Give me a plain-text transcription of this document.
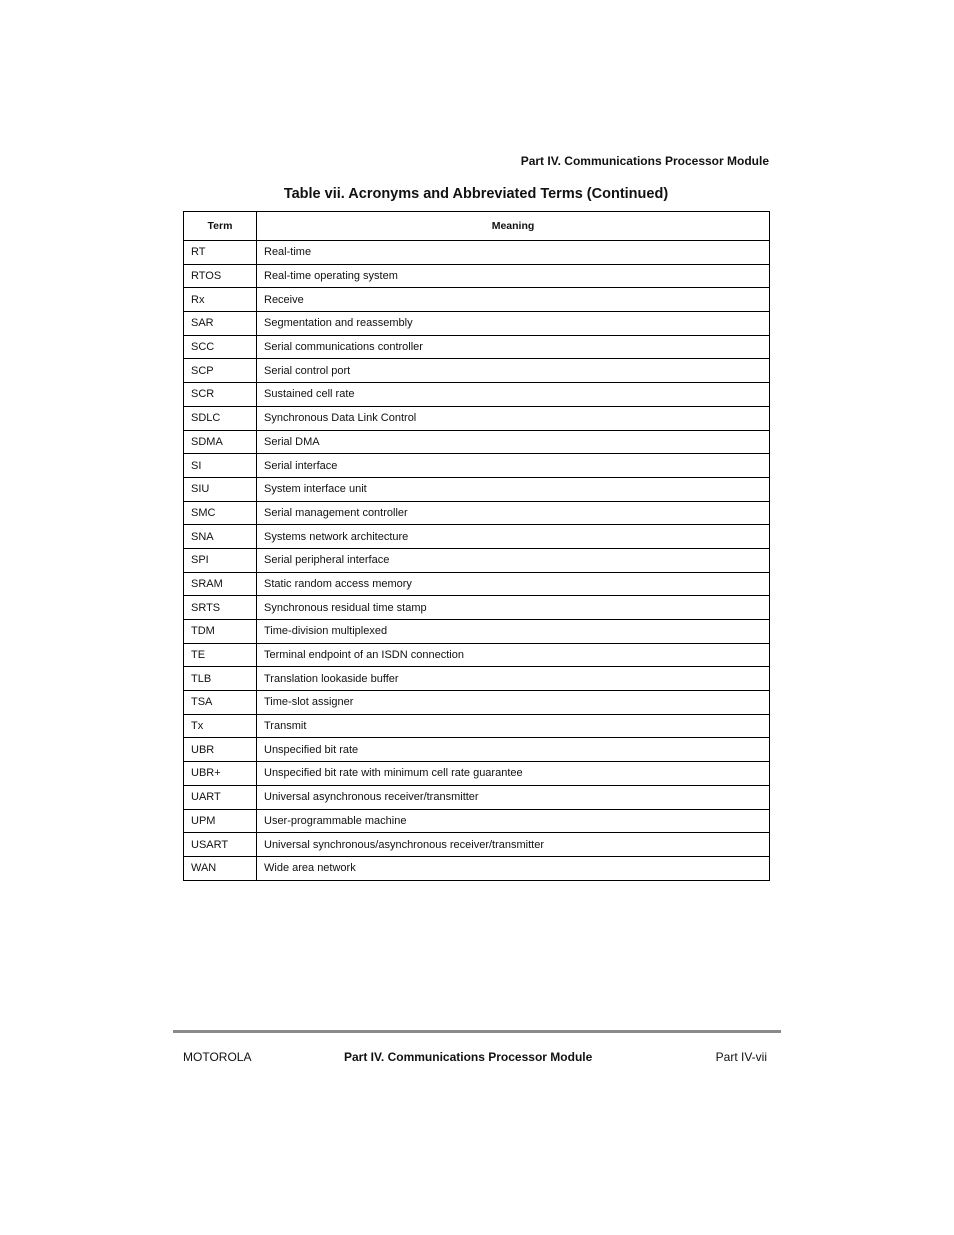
Part IV. Communications Processor Module
Table vii. Acronyms and Abbreviated Terms (Continued)
Term	Meaning
RT	Real-time
RTOS	Real-time operating system
Rx	Receive
SAR	Segmentation and reassembly
SCC	Serial communications controller
SCP	Serial control port
SCR	Sustained cell rate
SDLC	Synchronous Data Link Control
SDMA	Serial DMA
SI	Serial interface
SIU	System interface unit
SMC	Serial management controller
SNA	Systems network architecture
SPI	Serial peripheral interface
SRAM	Static random access memory
SRTS	Synchronous residual time stamp
TDM	Time-division multiplexed
TE	Terminal endpoint of an ISDN connection
TLB	Translation lookaside buffer
TSA	Time-slot assigner
Tx	Transmit
UBR	Unspecified bit rate
UBR+	Unspecified bit rate with minimum cell rate guarantee
UART	Universal asynchronous receiver/transmitter
UPM	User-programmable machine
USART	Universal synchronous/asynchronous receiver/transmitter
WAN	Wide area network
MOTOROLA	Part IV. Communications Processor Module	Part IV-vii
